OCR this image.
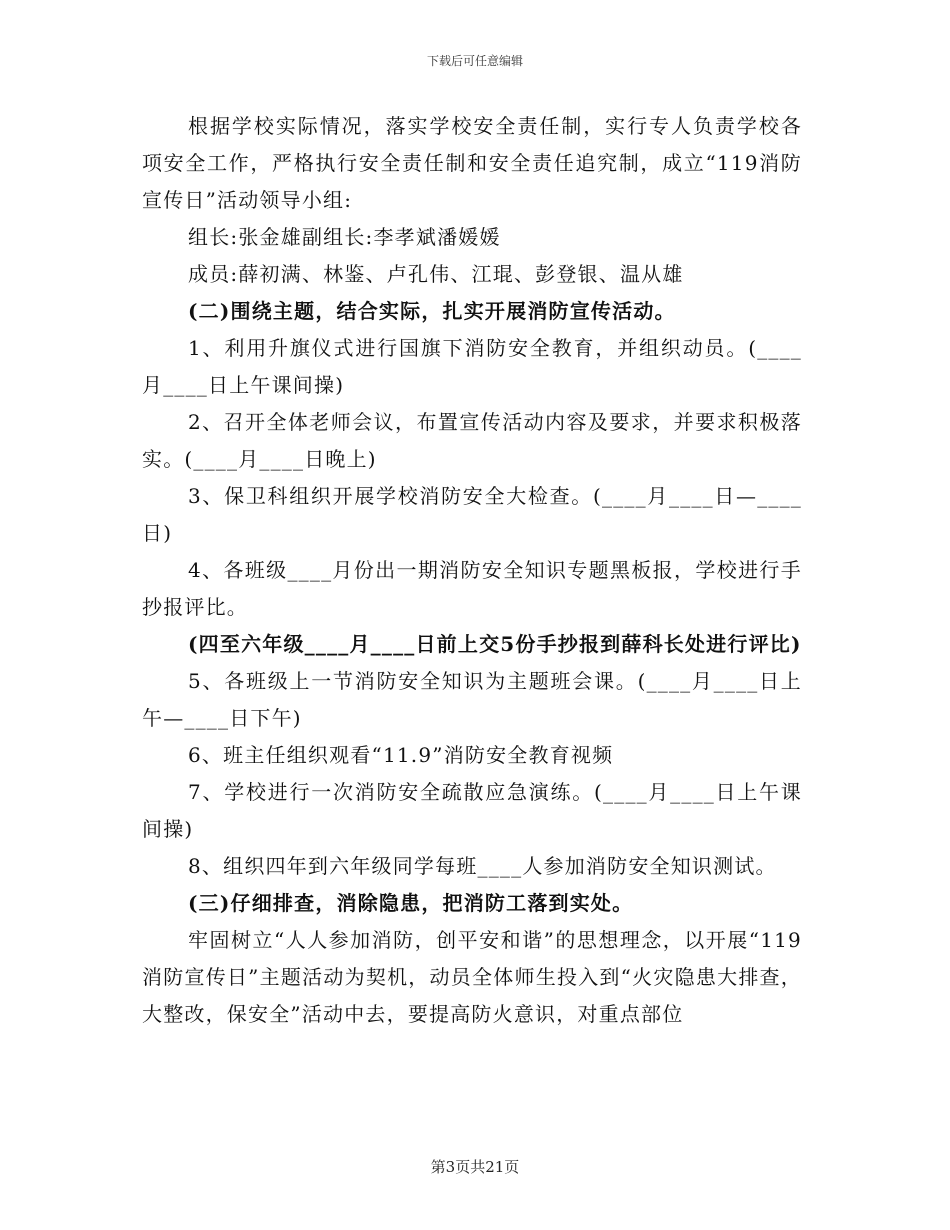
下载后可任意编辑

根据学校实际情况，落实学校安全责任制，实行专人负责学校各项安全工作，严格执行安全责任制和安全责任追究制，成立“119消防宣传日”活动领导小组:

组长:张金雄副组长:李孝斌潘媛媛

成员:薛初满、林鉴、卢孔伟、江琨、彭登银、温从雄

(二)围绕主题，结合实际，扎实开展消防宣传活动。

1、利用升旗仪式进行国旗下消防安全教育，并组织动员。(____月____日上午课间操)

2、召开全体老师会议，布置宣传活动内容及要求，并要求积极落实。(____月____日晚上)

3、保卫科组织开展学校消防安全大检查。(____月____日—____日)

4、各班级____月份出一期消防安全知识专题黑板报，学校进行手抄报评比。

(四至六年级____月____日前上交5份手抄报到薛科长处进行评比)

5、各班级上一节消防安全知识为主题班会课。(____月____日上午—____日下午)

6、班主任组织观看“11.9”消防安全教育视频

7、学校进行一次消防安全疏散应急演练。(____月____日上午课间操)

8、组织四年到六年级同学每班____人参加消防安全知识测试。

(三)仔细排查，消除隐患，把消防工落到实处。

牢固树立“人人参加消防，创平安和谐”的思想理念，以开展“119消防宣传日”主题活动为契机，动员全体师生投入到“火灾隐患大排查，大整改，保安全”活动中去，要提高防火意识，对重点部位

第3页共21页
